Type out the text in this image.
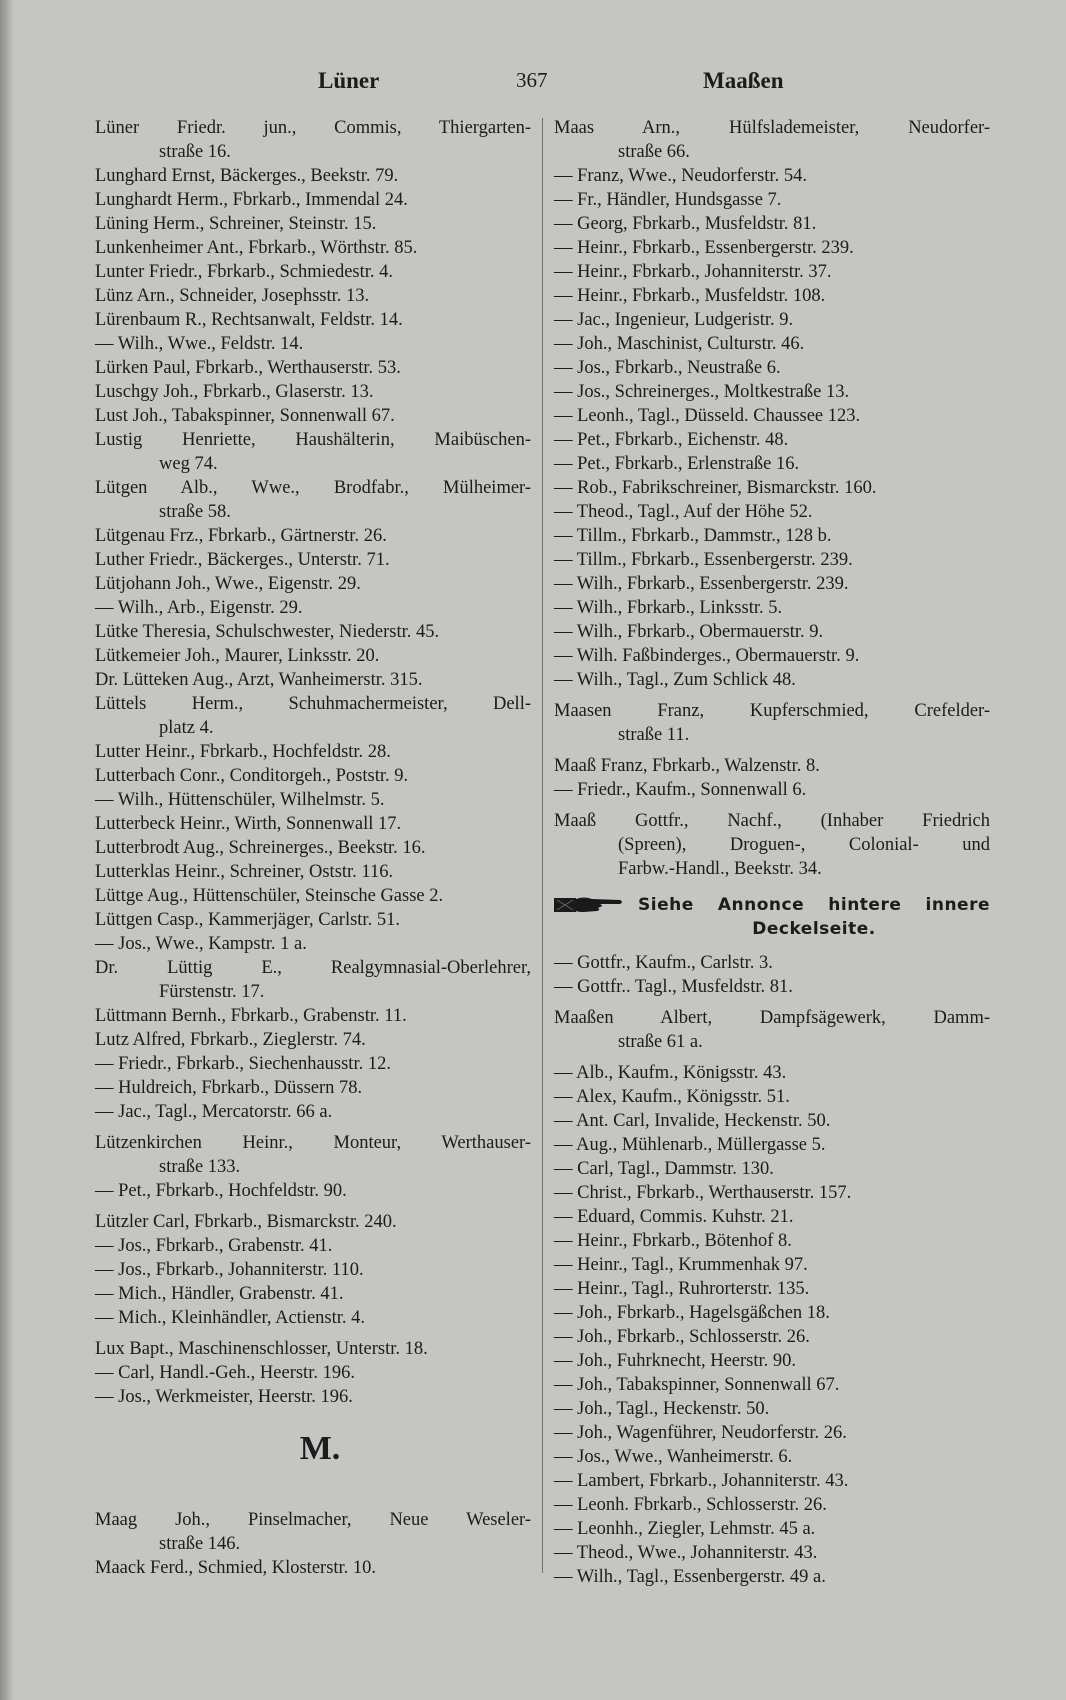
Lüner	367	Maaßen
Lüner Friedr. jun., Commis, Thiergarten-
straße 16.
Lunghard Ernst, Bäckerges., Beekstr. 79.
Lunghardt Herm., Fbrkarb., Immendal 24.
Lüning Herm., Schreiner, Steinstr. 15.
Lunkenheimer Ant., Fbrkarb., Wörthstr. 85.
Lunter Friedr., Fbrkarb., Schmiedestr. 4.
Lünz Arn., Schneider, Josephsstr. 13.
Lürenbaum R., Rechtsanwalt, Feldstr. 14.
— Wilh., Wwe., Feldstr. 14.
Lürken Paul, Fbrkarb., Werthauserstr. 53.
Luschgy Joh., Fbrkarb., Glaserstr. 13.
Lust Joh., Tabakspinner, Sonnenwall 67.
Lustig Henriette, Haushälterin, Maibüschen-
weg 74.
Lütgen Alb., Wwe., Brodfabr., Mülheimer-
straße 58.
Lütgenau Frz., Fbrkarb., Gärtnerstr. 26.
Luther Friedr., Bäckerges., Unterstr. 71.
Lütjohann Joh., Wwe., Eigenstr. 29.
— Wilh., Arb., Eigenstr. 29.
Lütke Theresia, Schulschwester, Niederstr. 45.
Lütkemeier Joh., Maurer, Linksstr. 20.
Dr. Lütteken Aug., Arzt, Wanheimerstr. 315.
Lüttels Herm., Schuhmachermeister, Dell-
platz 4.
Lutter Heinr., Fbrkarb., Hochfeldstr. 28.
Lutterbach Conr., Conditorgeh., Poststr. 9.
— Wilh., Hüttenschüler, Wilhelmstr. 5.
Lutterbeck Heinr., Wirth, Sonnenwall 17.
Lutterbrodt Aug., Schreinerges., Beekstr. 16.
Lutterklas Heinr., Schreiner, Oststr. 116.
Lüttge Aug., Hüttenschüler, Steinsche Gasse 2.
Lüttgen Casp., Kammerjäger, Carlstr. 51.
— Jos., Wwe., Kampstr. 1 a.
Dr. Lüttig E., Realgymnasial-Oberlehrer,
Fürstenstr. 17.
Lüttmann Bernh., Fbrkarb., Grabenstr. 11.
Lutz Alfred, Fbrkarb., Zieglerstr. 74.
— Friedr., Fbrkarb., Siechenhausstr. 12.
— Huldreich, Fbrkarb., Düssern 78.
— Jac., Tagl., Mercatorstr. 66 a.
Lützenkirchen Heinr., Monteur, Werthauser-
straße 133.
— Pet., Fbrkarb., Hochfeldstr. 90.
Lützler Carl, Fbrkarb., Bismarckstr. 240.
— Jos., Fbrkarb., Grabenstr. 41.
— Jos., Fbrkarb., Johanniterstr. 110.
— Mich., Händler, Grabenstr. 41.
— Mich., Kleinhändler, Actienstr. 4.
Lux Bapt., Maschinenschlosser, Unterstr. 18.
— Carl, Handl.-Geh., Heerstr. 196.
— Jos., Werkmeister, Heerstr. 196.
M.
Maag Joh., Pinselmacher, Neue Weseler-
straße 146.
Maack Ferd., Schmied, Klosterstr. 10.
Maas Arn., Hülfslademeister, Neudorfer-
straße 66.
— Franz, Wwe., Neudorferstr. 54.
— Fr., Händler, Hundsgasse 7.
— Georg, Fbrkarb., Musfeldstr. 81.
— Heinr., Fbrkarb., Essenbergerstr. 239.
— Heinr., Fbrkarb., Johanniterstr. 37.
— Heinr., Fbrkarb., Musfeldstr. 108.
— Jac., Ingenieur, Ludgeristr. 9.
— Joh., Maschinist, Culturstr. 46.
— Jos., Fbrkarb., Neustraße 6.
— Jos., Schreinerges., Moltkestraße 13.
— Leonh., Tagl., Düsseld. Chaussee 123.
— Pet., Fbrkarb., Eichenstr. 48.
— Pet., Fbrkarb., Erlenstraße 16.
— Rob., Fabrikschreiner, Bismarckstr. 160.
— Theod., Tagl., Auf der Höhe 52.
— Tillm., Fbrkarb., Dammstr., 128 b.
— Tillm., Fbrkarb., Essenbergerstr. 239.
— Wilh., Fbrkarb., Essenbergerstr. 239.
— Wilh., Fbrkarb., Linksstr. 5.
— Wilh., Fbrkarb., Obermauerstr. 9.
— Wilh. Faßbinderges., Obermauerstr. 9.
— Wilh., Tagl., Zum Schlick 48.
Maasen Franz, Kupferschmied, Crefelder-
straße 11.
Maaß Franz, Fbrkarb., Walzenstr. 8.
— Friedr., Kaufm., Sonnenwall 6.
Maaß Gottfr., Nachf., (Inhaber Friedrich
(Spreen), Droguen-, Colonial- und
Farbw.-Handl., Beekstr. 34.
Siehe Annonce hintere innere
Deckelseite.
— Gottfr., Kaufm., Carlstr. 3.
— Gottfr.. Tagl., Musfeldstr. 81.
Maaßen Albert, Dampfsägewerk, Damm-
straße 61 a.
— Alb., Kaufm., Königsstr. 43.
— Alex, Kaufm., Königsstr. 51.
— Ant. Carl, Invalide, Heckenstr. 50.
— Aug., Mühlenarb., Müllergasse 5.
— Carl, Tagl., Dammstr. 130.
— Christ., Fbrkarb., Werthauserstr. 157.
— Eduard, Commis. Kuhstr. 21.
— Heinr., Fbrkarb., Bötenhof 8.
— Heinr., Tagl., Krummenhak 97.
— Heinr., Tagl., Ruhrorterstr. 135.
— Joh., Fbrkarb., Hagelsgäßchen 18.
— Joh., Fbrkarb., Schlosserstr. 26.
— Joh., Fuhrknecht, Heerstr. 90.
— Joh., Tabakspinner, Sonnenwall 67.
— Joh., Tagl., Heckenstr. 50.
— Joh., Wagenführer, Neudorferstr. 26.
— Jos., Wwe., Wanheimerstr. 6.
— Lambert, Fbrkarb., Johanniterstr. 43.
— Leonh. Fbrkarb., Schlosserstr. 26.
— Leonhh., Ziegler, Lehmstr. 45 a.
— Theod., Wwe., Johanniterstr. 43.
— Wilh., Tagl., Essenbergerstr. 49 a.
